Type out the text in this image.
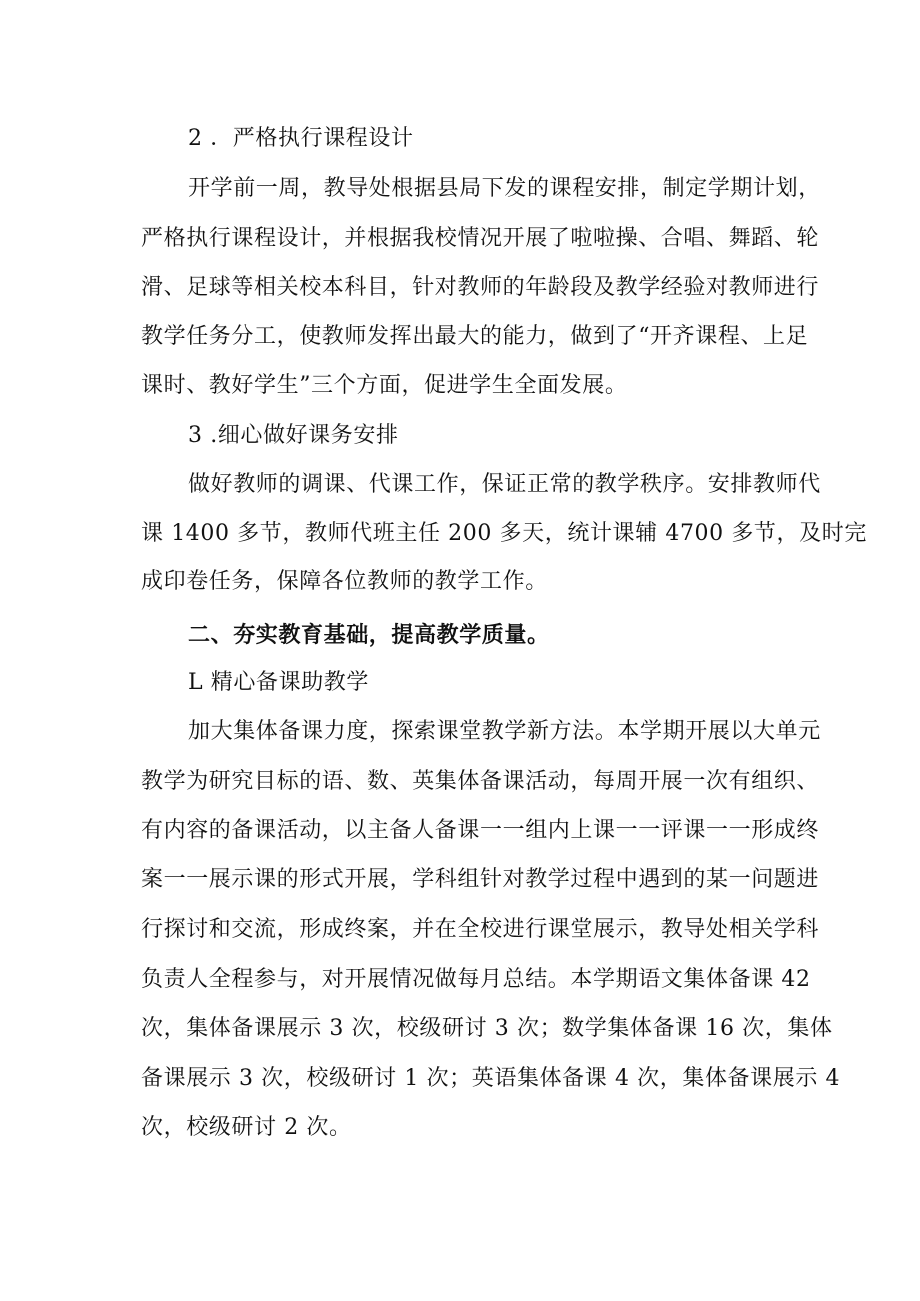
2 ．严格执行课程设计
开学前一周，教导处根据县局下发的课程安排，制定学期计划，
严格执行课程设计，并根据我校情况开展了啦啦操、合唱、舞蹈、轮
滑、足球等相关校本科目，针对教师的年龄段及教学经验对教师进行
教学任务分工，使教师发挥出最大的能力，做到了“开齐课程、上足
课时、教好学生”三个方面，促进学生全面发展。
3 .细心做好课务安排
做好教师的调课、代课工作，保证正常的教学秩序。安排教师代
课 1400 多节，教师代班主任 200 多天，统计课辅 4700 多节，及时完
成印卷任务，保障各位教师的教学工作。
二、夯实教育基础，提高教学质量。
L 精心备课助教学
加大集体备课力度，探索课堂教学新方法。本学期开展以大单元
教学为研究目标的语、数、英集体备课活动，每周开展一次有组织、
有内容的备课活动，以主备人备课一一组内上课一一评课一一形成终
案一一展示课的形式开展，学科组针对教学过程中遇到的某一问题进
行探讨和交流，形成终案，并在全校进行课堂展示，教导处相关学科
负责人全程参与，对开展情况做每月总结。本学期语文集体备课 42
次，集体备课展示 3 次，校级研讨 3 次；数学集体备课 16 次，集体
备课展示 3 次，校级研讨 1 次；英语集体备课 4 次，集体备课展示 4
次，校级研讨 2 次。
